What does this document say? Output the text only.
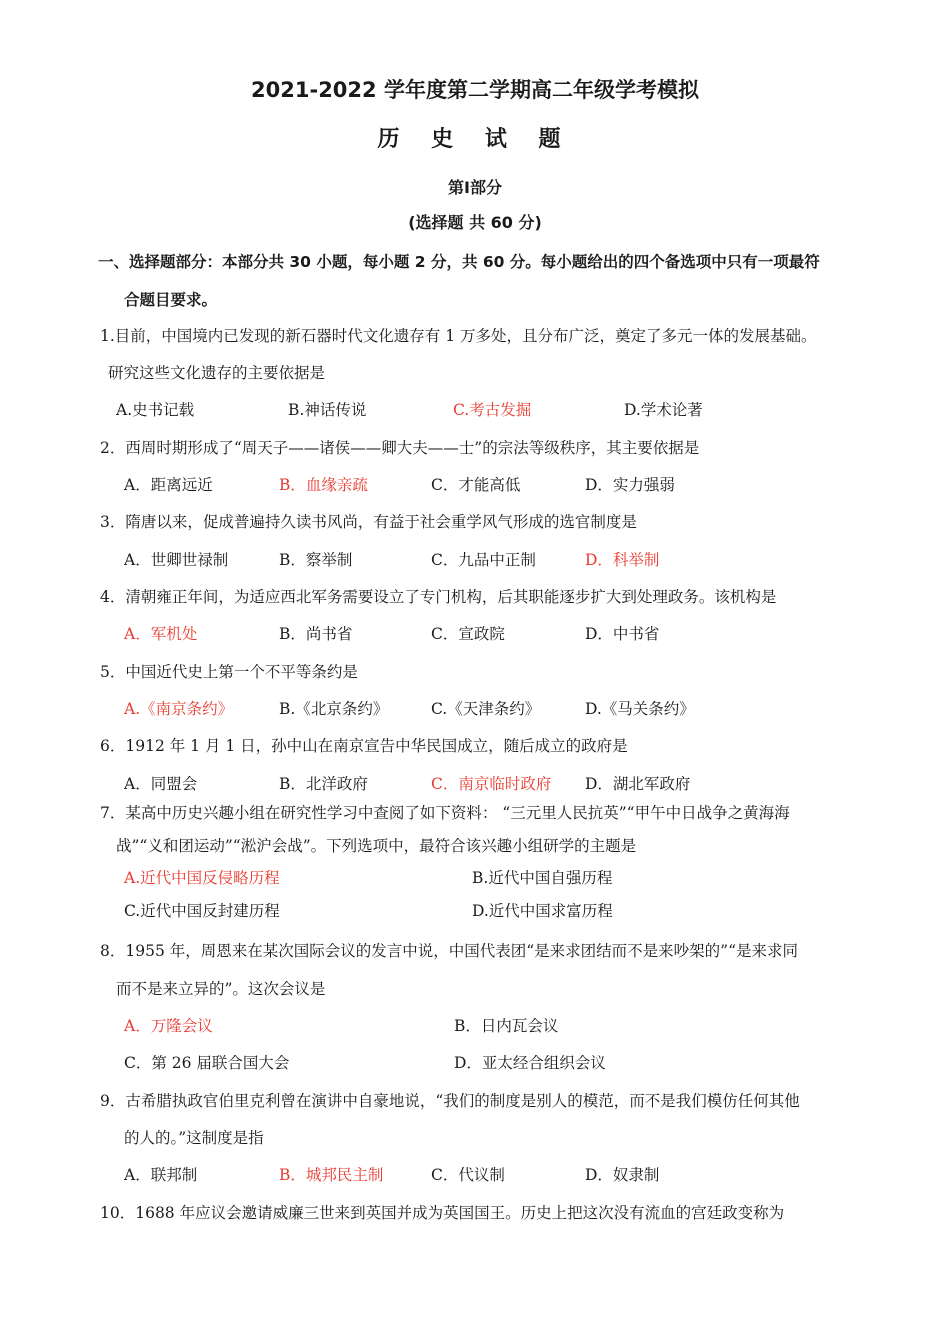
2021-2022 学年度第二学期高二年级学考模拟
历 史 试 题
第Ⅰ部分
(选择题 共 60 分)
一、选择题部分：本部分共 30 小题，每小题 2 分，共 60 分。每小题给出的四个备选项中只有一项最符
合题目要求。
1.目前，中国境内已发现的新石器时代文化遗存有 1 万多处，且分布广泛，奠定了多元一体的发展基础。
研究这些文化遗存的主要依据是
A.史书记载	B.神话传说	C.考古发掘	D.学术论著
2．西周时期形成了“周天子——诸侯——卿大夫——士”的宗法等级秩序，其主要依据是
A．距离远近	B．血缘亲疏	C．才能高低	D．实力强弱
3．隋唐以来，促成普遍持久读书风尚，有益于社会重学风气形成的选官制度是
A．世卿世禄制	B．察举制	C．九品中正制	D．科举制
4．清朝雍正年间，为适应西北军务需要设立了专门机构，后其职能逐步扩大到处理政务。该机构是
A．军机处	B．尚书省	C．宣政院	D．中书省
5．中国近代史上第一个不平等条约是
A.《南京条约》	B.《北京条约》	C.《天津条约》	D.《马关条约》
6．1912 年 1 月 1 日，孙中山在南京宣告中华民国成立，随后成立的政府是
A．同盟会	B．北洋政府	C．南京临时政府 D．湖北军政府
7．某高中历史兴趣小组在研究性学习中查阅了如下资料： “三元里人民抗英”“甲午中日战争之黄海海
战”“义和团运动”“淞沪会战”。下列选项中，最符合该兴趣小组研学的主题是
A.近代中国反侵略历程	B.近代中国自强历程
C.近代中国反封建历程	D.近代中国求富历程
8．1955 年，周恩来在某次国际会议的发言中说，中国代表团“是来求团结而不是来吵架的”“是来求同
而不是来立异的”。这次会议是
A．万隆会议	B．日内瓦会议
C．第 26 届联合国大会	D．亚太经合组织会议
9．古希腊执政官伯里克利曾在演讲中自豪地说，“我们的制度是别人的模范，而不是我们模仿任何其他
的人的。”这制度是指
A．联邦制	B．城邦民主制	C．代议制	D．奴隶制
10．1688 年应议会邀请威廉三世来到英国并成为英国国王。历史上把这次没有流血的宫廷政变称为
